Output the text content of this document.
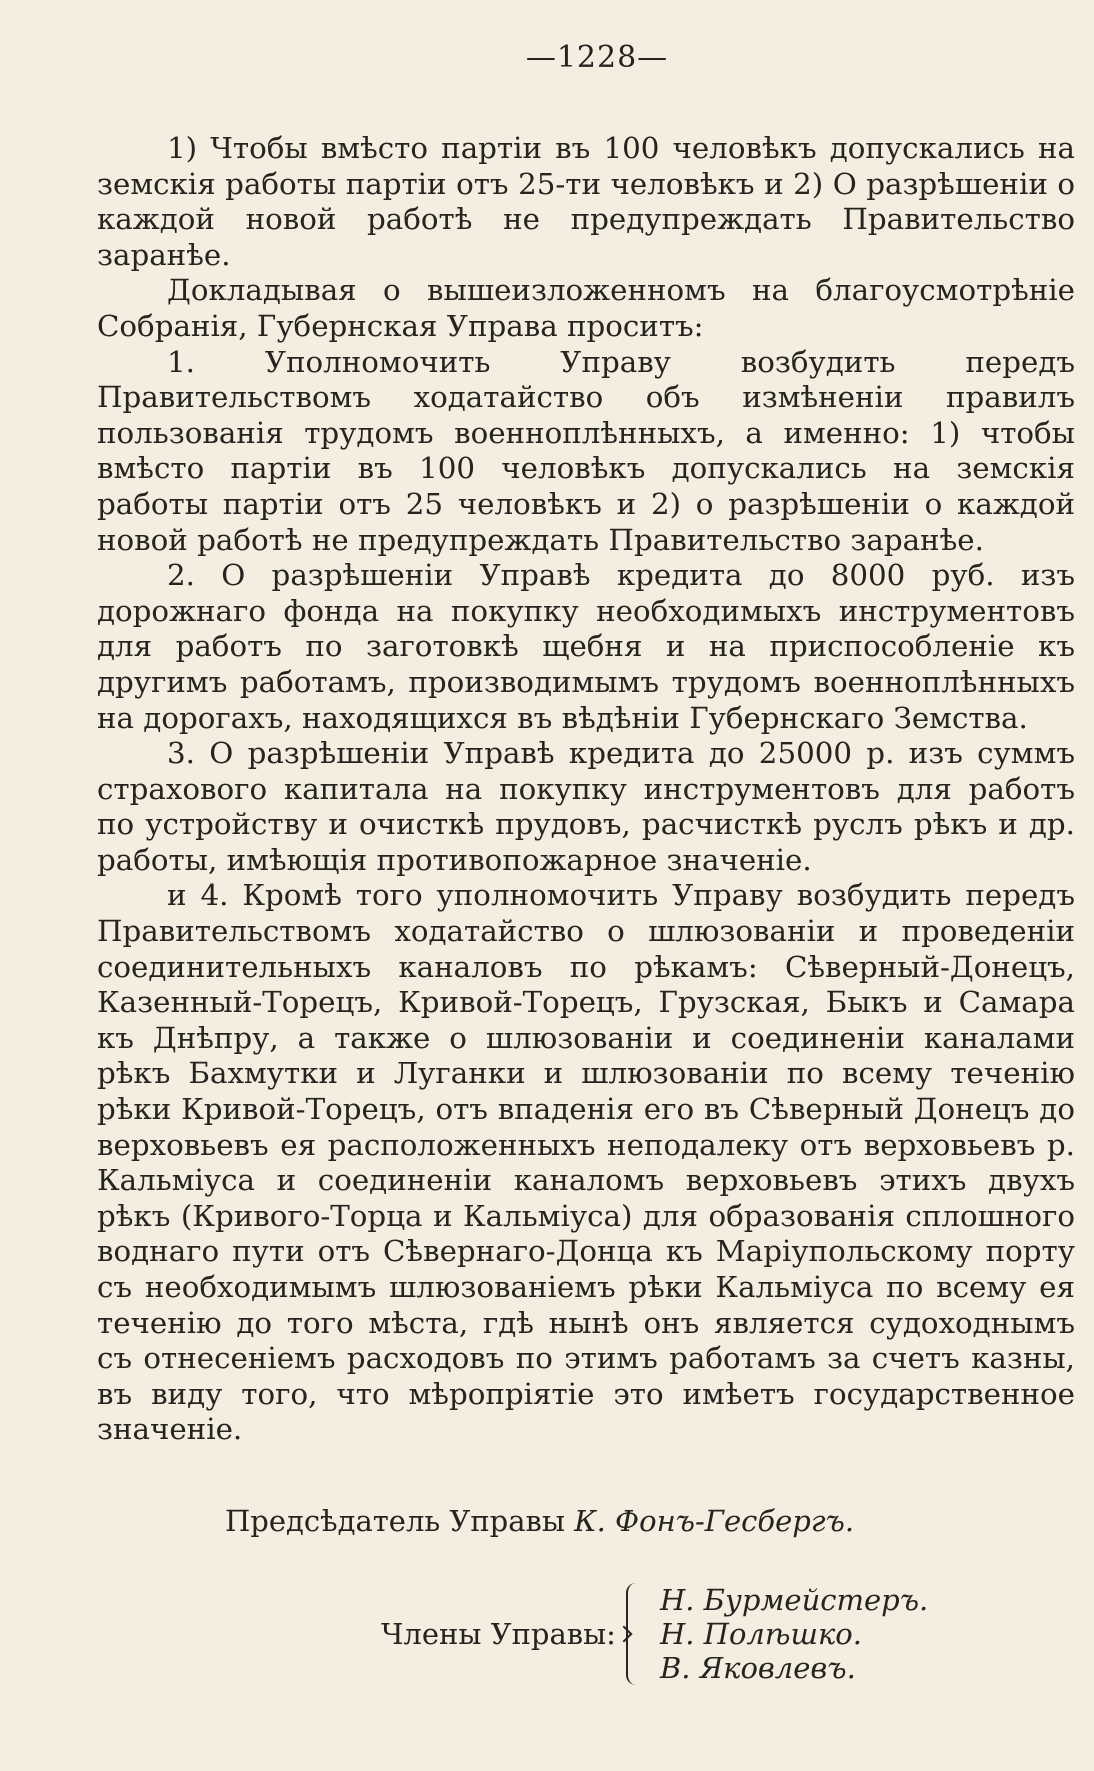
—1228—

1) Чтобы вмѣсто партiи въ 100 человѣкъ допускались на земскiя работы партiи отъ 25-ти человѣкъ и 2) О разрѣшенiи о каждой новой работѣ не предупреждать Правительство заранѣе.

Докладывая о вышеизложенномъ на благоусмотрѣнiе Собранiя, Губернская Управа проситъ:

1. Уполномочить Управу возбудить передъ Правительствомъ ходатайство объ измѣненiи правилъ пользованiя трудомъ военноплѣнныхъ, а именно: 1) чтобы вмѣсто партiи въ 100 человѣкъ допускались на земскiя работы партiи отъ 25 человѣкъ и 2) о разрѣшенiи о каждой новой работѣ не предупреждать Правительство заранѣе.

2. О разрѣшенiи Управѣ кредита до 8000 руб. изъ дорожнаго фонда на покупку необходимыхъ инструментовъ для работъ по заготовкѣ щебня и на приспособленiе къ другимъ работамъ, производимымъ трудомъ военноплѣнныхъ на дорогахъ, находящихся въ вѣдѣнiи Губернскаго Земства.

3. О разрѣшенiи Управѣ кредита до 25000 р. изъ суммъ страхового капитала на покупку инструментовъ для работъ по устройству и очисткѣ прудовъ, расчисткѣ руслъ рѣкъ и др. работы, имѣющiя противопожарное значенiе.

и 4. Кромѣ того уполномочить Управу возбудить передъ Правительствомъ ходатайство о шлюзованiи и проведенiи соединительныхъ каналовъ по рѣкамъ: Сѣверный-Донецъ, Казенный-Торецъ, Кривой-Торецъ, Грузская, Быкъ и Самара къ Днѣпру, а также о шлюзованiи и соединенiи каналами рѣкъ Бахмутки и Луганки и шлюзованiи по всему теченiю рѣки Кривой-Торецъ, отъ впаденiя его въ Сѣверный Донецъ до верховьевъ ея расположенныхъ неподалеку отъ верховьевъ р. Кальмiуса и соединенiи каналомъ верховьевъ этихъ двухъ рѣкъ (Кривого-Торца и Кальмiуса) для образованiя сплошного воднаго пути отъ Сѣвернаго-Донца къ Марiупольскому порту съ необходимымъ шлюзованiемъ рѣки Кальмiуса по всему ея теченiю до того мѣста, гдѣ нынѣ онъ является судоходнымъ съ отнесенiемъ расходовъ по этимъ работамъ за счетъ казны, въ виду того, что мѣропрiятiе это имѣетъ государственное значенiе.

Предсѣдатель Управы К. Фонъ-Гесбергъ.
Члены Управы:
Н. Бурмейстеръ.
Н. Полѣшко.
В. Яковлевъ.
